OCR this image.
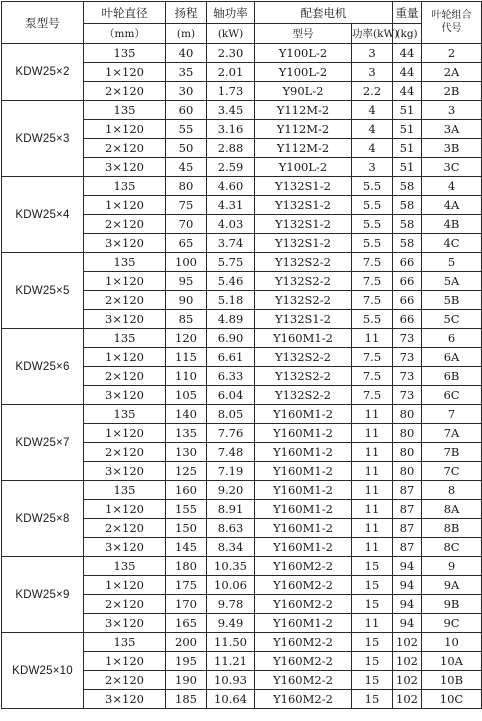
泵型号	叶轮直径	扬程	轴功率	配套电机		重量	叶轮组合
代号
	（mm）	(m)	(kW)	型号	功率(kW)	(kg)	
KDW25×2	135	40	2.30	Y100L-2	3	44	2
	1×120	35	2.01	Y100L-2	3	44	2A
	2×120	30	1.73	Y90L-2	2.2	44	2B
KDW25×3	135	60	3.45	Y112M-2	4	51	3
	1×120	55	3.16	Y112M-2	4	51	3A
	2×120	50	2.88	Y112M-2	4	51	3B
	3×120	45	2.59	Y100L-2	3	51	3C
KDW25×4	135	80	4.60	Y132S1-2	5.5	58	4
	1×120	75	4.31	Y132S1-2	5.5	58	4A
	2×120	70	4.03	Y132S1-2	5.5	58	4B
	3×120	65	3.74	Y132S1-2	5.5	58	4C
KDW25×5	135	100	5.75	Y132S2-2	7.5	66	5
	1×120	95	5.46	Y132S2-2	7.5	66	5A
	2×120	90	5.18	Y132S2-2	7.5	66	5B
	3×120	85	4.89	Y132S1-2	5.5	66	5C
KDW25×6	135	120	6.90	Y160M1-2	11	73	6
	1×120	115	6.61	Y132S2-2	7.5	73	6A
	2×120	110	6.33	Y132S2-2	7.5	73	6B
	3×120	105	6.04	Y132S2-2	7.5	73	6C
KDW25×7	135	140	8.05	Y160M1-2	11	80	7
	1×120	135	7.76	Y160M1-2	11	80	7A
	2×120	130	7.48	Y160M1-2	11	80	7B
	3×120	125	7.19	Y160M1-2	11	80	7C
KDW25×8	135	160	9.20	Y160M1-2	11	87	8
	1×120	155	8.91	Y160M1-2	11	87	8A
	2×120	150	8.63	Y160M1-2	11	87	8B
	3×120	145	8.34	Y160M1-2	11	87	8C
KDW25×9	135	180	10.35	Y160M2-2	15	94	9
	1×120	175	10.06	Y160M2-2	15	94	9A
	2×120	170	9.78	Y160M2-2	15	94	9B
	3×120	165	9.49	Y160M1-2	11	94	9C
KDW25×10	135	200	11.50	Y160M2-2	15	102	10
	1×120	195	11.21	Y160M2-2	15	102	10A
	2×120	190	10.93	Y160M2-2	15	102	10B
	3×120	185	10.64	Y160M2-2	15	102	10C
